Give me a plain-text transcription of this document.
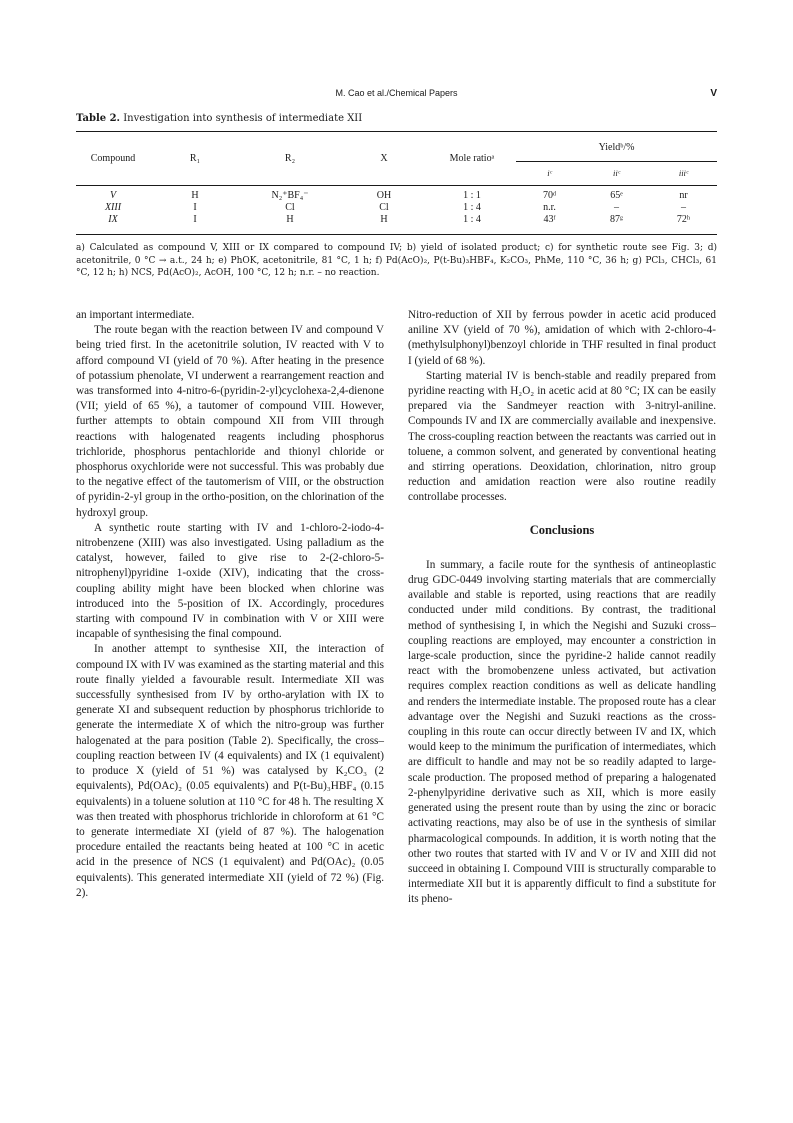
M. Cao et al./Chemical Papers	V
Table 2. Investigation into synthesis of intermediate XII
Compound	R₁	R₂	X	Mole ratioᵃ	Yieldᵇ/%		
					iᶜ	iiᶜ	iiiᶜ
V	H	N₂⁺BF₄⁻	OH	1 : 1	70ᵈ	65ᵉ	nr
XIII	I	Cl	Cl	1 : 4	n.r.	–	–
IX	I	H	H	1 : 4	43ᶠ	87ᵍ	72ʰ
a) Calculated as compound V, XIII or IX compared to compound IV; b) yield of isolated product; c) for synthetic route see Fig. 3; d) acetonitrile, 0 °C → a.t., 24 h; e) PhOK, acetonitrile, 81 °C, 1 h; f) Pd(AcO)₂, P(t-Bu)₃HBF₄, K₂CO₃, PhMe, 110 °C, 36 h; g) PCl₃, CHCl₃, 61 °C, 12 h; h) NCS, Pd(AcO)₂, AcOH, 100 °C, 12 h; n.r. – no reaction.

an important intermediate.

The route began with the reaction between IV and compound V being tried first. In the acetonitrile solution, IV reacted with V to afford compound VI (yield of 70 %). After heating in the presence of potassium phenolate, VI underwent a rearrangement reaction and was transformed into 4-nitro-6-(pyridin-2-yl)cyclohexa-2,4-dienone (VII; yield of 65 %), a tautomer of compound VIII. However, further attempts to obtain compound XII from VIII through reactions with halogenated reagents including phosphorus trichloride, phosphorus pentachloride and thionyl chloride or phosphorus oxychloride were not successful. This was probably due to the negative effect of the tautomerism of VIII, or the obstruction of pyridin-2-yl group in the ortho-position, on the chlorination of the hydroxyl group.

A synthetic route starting with IV and 1-chloro-2-iodo-4-nitrobenzene (XIII) was also investigated. Using palladium as the catalyst, however, failed to give rise to 2-(2-chloro-5-nitrophenyl)pyridine 1-oxide (XIV), indicating that the cross-coupling ability might have been blocked when chlorine was introduced into the 5-position of IX. Accordingly, procedures starting with compound IV in combination with V or XIII were incapable of synthesising the final compound.

In another attempt to synthesise XII, the interaction of compound IX with IV was examined as the starting material and this route finally yielded a favourable result. Intermediate XII was successfully synthesised from IV by ortho-arylation with IX to generate XI and subsequent reduction by phosphorus trichloride to generate the intermediate X of which the nitro-group was further halogenated at the para position (Table 2). Specifically, the cross–coupling reaction between IV (4 equivalents) and IX (1 equivalent) to produce X (yield of 51 %) was catalysed by K₂CO₃ (2 equivalents), Pd(OAc)₂ (0.05 equivalents) and P(t-Bu)₃HBF₄ (0.15 equivalents) in a toluene solution at 110 °C for 48 h. The resulting X was then treated with phosphorus trichloride in chloroform at 61 °C to generate intermediate XI (yield of 87 %). The halogenation procedure entailed the reactants being heated at 100 °C in acetic acid in the presence of NCS (1 equivalent) and Pd(OAc)₂ (0.05 equivalents). This generated intermediate XII (yield of 72 %) (Fig. 2).

Nitro-reduction of XII by ferrous powder in acetic acid produced aniline XV (yield of 70 %), amidation of which with 2-chloro-4-(methylsulphonyl)benzoyl chloride in THF resulted in final product I (yield of 68 %).

Starting material IV is bench-stable and readily prepared from pyridine reacting with H₂O₂ in acetic acid at 80 °C; IX can be easily prepared via the Sandmeyer reaction with 3-nitryl-aniline. Compounds IV and IX are commercially available and inexpensive. The cross-coupling reaction between the reactants was carried out in toluene, a common solvent, and generated by conventional heating and stirring operations. Deoxidation, chlorination, nitro group reduction and amidation reaction were also routine readily controllabe processes.

Conclusions

In summary, a facile route for the synthesis of antineoplastic drug GDC-0449 involving starting materials that are commercially available and stable is reported, using reactions that are readily conducted under mild conditions. By contrast, the traditional method of synthesising I, in which the Negishi and Suzuki cross–coupling reactions are employed, may encounter a constriction in large-scale production, since the pyridine-2 halide cannot readily react with the bromobenzene unless activated, but activation requires complex reaction conditions as well as delicate handling and renders the intermediate instable. The proposed route has a clear advantage over the Negishi and Suzuki reactions as the cross-coupling in this route can occur directly between IV and IX, which would keep to the minimum the purification of intermediates, which are difficult to handle and may not be so readily adapted to large-scale production. The proposed method of preparing a halogenated 2-phenylpyridine derivative such as XII, which is more easily generated using the present route than by using the zinc or boracic activating reactions, may also be of use in the synthesis of similar pharmacological compounds. In addition, it is worth noting that the other two routes that started with IV and V or IV and XIII did not succeed in obtaining I. Compound VIII is structurally comparable to intermediate XII but it is apparently difficult to find a substitute for its pheno-
